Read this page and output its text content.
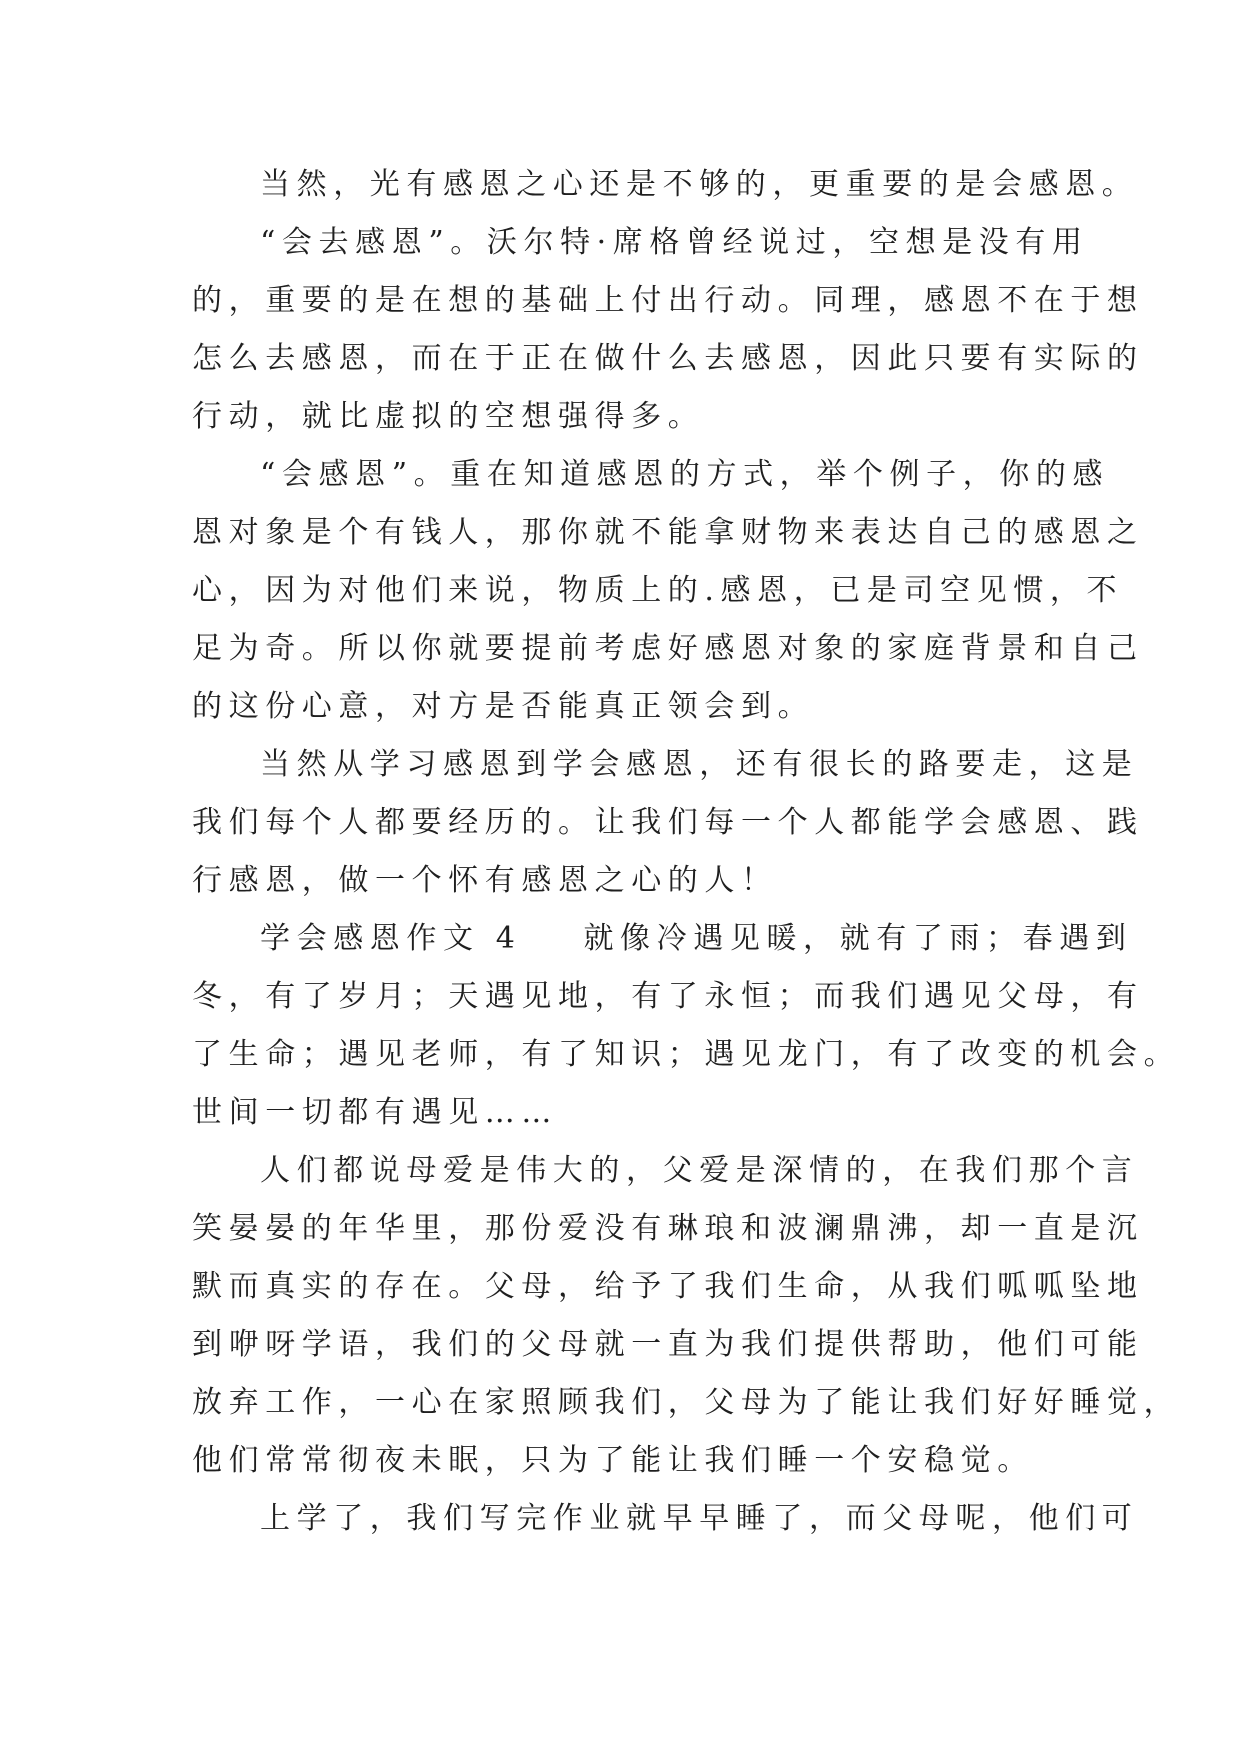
当然，光有感恩之心还是不够的，更重要的是会感恩。
“会去感恩”。沃尔特·席格曾经说过，空想是没有用
的，重要的是在想的基础上付出行动。同理，感恩不在于想
怎么去感恩，而在于正在做什么去感恩，因此只要有实际的
行动，就比虚拟的空想强得多。
“会感恩”。重在知道感恩的方式，举个例子，你的感
恩对象是个有钱人，那你就不能拿财物来表达自己的感恩之
心，因为对他们来说，物质上的.感恩，已是司空见惯，不
足为奇。所以你就要提前考虑好感恩对象的家庭背景和自己
的这份心意，对方是否能真正领会到。
当然从学习感恩到学会感恩，还有很长的路要走，这是
我们每个人都要经历的。让我们每一个人都能学会感恩、践
行感恩，做一个怀有感恩之心的人！
学会感恩作文 4 就像冷遇见暖，就有了雨；春遇到
冬，有了岁月；天遇见地，有了永恒；而我们遇见父母，有
了生命；遇见老师，有了知识；遇见龙门，有了改变的机会。
世间一切都有遇见……
人们都说母爱是伟大的，父爱是深情的，在我们那个言
笑晏晏的年华里，那份爱没有琳琅和波澜鼎沸，却一直是沉
默而真实的存在。父母，给予了我们生命，从我们呱呱坠地
到咿呀学语，我们的父母就一直为我们提供帮助，他们可能
放弃工作，一心在家照顾我们，父母为了能让我们好好睡觉，
他们常常彻夜未眠，只为了能让我们睡一个安稳觉。
上学了，我们写完作业就早早睡了，而父母呢，他们可
